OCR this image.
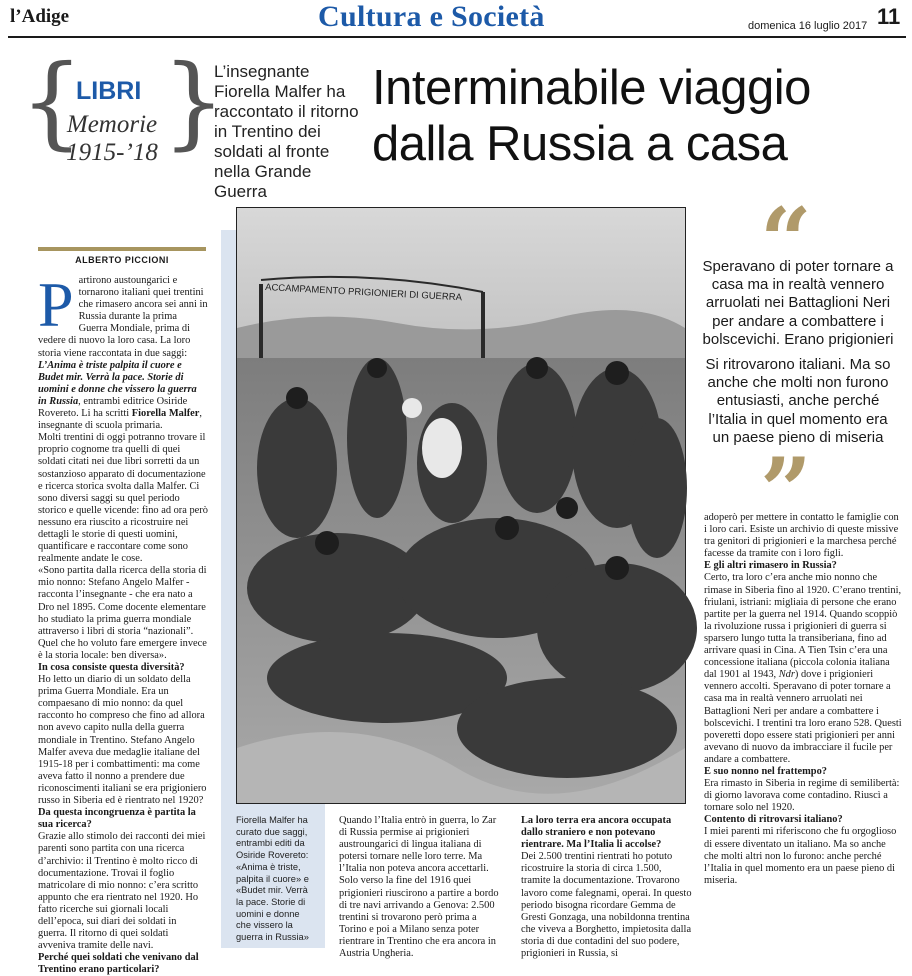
l’Adige	Cultura e Società	domenica 16 luglio 2017 11
{ }
LIBRI
Memorie
1915-’18
L’insegnante Fiorella Malfer ha raccontato il ritorno in Trentino dei soldati al fronte nella Grande Guerra
Interminabile viaggio
dalla Russia a casa
ALBERTO PICCIONI
P artirono austoungarici e tornarono italiani quei trentini che rimasero ancora sei anni in Russia durante la prima Guerra Mondiale, prima di vedere di nuovo la loro casa. La loro storia viene raccontata in due saggi: L’Anima è triste palpita il cuore e Budet mir. Verrà la pace. Storie di uomini e donne che vissero la guerra in Russia, entrambi editrice Osiride Rovereto. Li ha scritti Fiorella Malfer, insegnante di scuola primaria.
Molti trentini di oggi potranno trovare il proprio cognome tra quelli di quei soldati citati nei due libri sorretti da un sostanzioso apparato di documentazione e ricerca storica svolta dalla Malfer. Ci sono diversi saggi su quel periodo storico e quelle vicende: fino ad ora però nessuno era riuscito a ricostruire nei dettagli le storie di questi uomini, quantificare e raccontare come sono realmente andate le cose.
«Sono partita dalla ricerca della storia di mio nonno: Stefano Angelo Malfer - racconta l’insegnante - che era nato a Dro nel 1895. Come docente elementare ho studiato la prima guerra mondiale attraverso i libri di storia “nazionali”. Quel che ho voluto fare emergere invece è la storia locale: ben diversa».
In cosa consiste questa diversità?
Ho letto un diario di un soldato della prima Guerra Mondiale. Era un compaesano di mio nonno: da quel racconto ho compreso che fino ad allora non avevo capito nulla della guerra mondiale in Trentino. Stefano Angelo Malfer aveva due medaglie italiane del 1915-18 per i combattimenti: ma come aveva fatto il nonno a prendere due riconoscimenti italiani se era prigioniero russo in Siberia ed è rientrato nel 1920?
Da questa incongruenza è partita la sua ricerca?
Grazie allo stimolo dei racconti dei miei parenti sono partita con una ricerca d’archivio: il Trentino è molto ricco di documentazione. Trovai il foglio matricolare di mio nonno: c’era scritto appunto che era rientrato nel 1920. Ho fatto ricerche sui giornali locali dell’epoca, sui diari dei soldati in guerra. Il ritorno di quei soldati avveniva tramite delle navi.
Perché quei soldati che venivano dal Trentino erano particolari?
ACCAMPAMENTO PRIGIONIERI DI GUERRA
Fiorella Malfer ha curato due saggi, entrambi editi da Osiride Rovereto: «Anima è triste, palpita il cuore» e «Budet mir. Verrà la pace. Storie di uomini e donne che vissero la guerra in Russia»
Quando l’Italia entrò in guerra, lo Zar di Russia permise ai prigionieri austroungarici di lingua italiana di potersi tornare nelle loro terre. Ma l’Italia non poteva ancora accettarli. Solo verso la fine del 1916 quei prigionieri riuscirono a partire a bordo di tre navi arrivando a Genova: 2.500 trentini si trovarono però prima a Torino e poi a Milano senza poter rientrare in Trentino che era ancora in Austria Ungheria.
La loro terra era ancora occupata dallo straniero e non potevano rientrare. Ma l’Italia li accolse?
Dei 2.500 trentini rientrati ho potuto ricostruire la storia di circa 1.500, tramite la documentazione. Trovarono lavoro come falegnami, operai. In questo periodo bisogna ricordare Gemma de Gresti Gonzaga, una nobildonna trentina che viveva a Borghetto, impietosita dalla storia di due contadini del suo podere, prigionieri in Russia, si
“
Speravano di poter tornare a casa ma in realtà vennero arruolati nei Battaglioni Neri per andare a combattere i bolscevichi. Erano prigionieri
Si ritrovarono italiani. Ma so anche che molti non furono entusiasti, anche perché l’Italia in quel momento era un paese pieno di miseria
”
adoperò per mettere in contatto le famiglie con i loro cari. Esiste un archivio di queste missive tra genitori di prigionieri e la marchesa perché facesse da tramite con i loro figli.
E gli altri rimasero in Russia?
Certo, tra loro c’era anche mio nonno che rimase in Siberia fino al 1920. C’erano trentini, friulani, istriani: migliaia di persone che erano partite per la guerra nel 1914. Quando scoppiò la rivoluzione russa i prigionieri di guerra si sparsero lungo tutta la transiberiana, fino ad arrivare quasi in Cina. A Tien Tsin c’era una concessione italiana (piccola colonia italiana dal 1901 al 1943, Ndr) dove i prigionieri vennero accolti. Speravano di poter tornare a casa ma in realtà vennero arruolati nei Battaglioni Neri per andare a combattere i bolscevichi. I trentini tra loro erano 528. Questi poveretti dopo essere stati prigionieri per anni avevano di nuovo da imbracciare il fucile per andare a combattere.
E suo nonno nel frattempo?
Era rimasto in Siberia in regime di semilibertà: di giorno lavorava come contadino. Riuscì a tornare solo nel 1920.
Contento di ritrovarsi italiano?
I miei parenti mi riferiscono che fu orgoglioso di essere diventato un italiano. Ma so anche che molti altri non lo furono: anche perché l’Italia in quel momento era un paese pieno di miseria.
